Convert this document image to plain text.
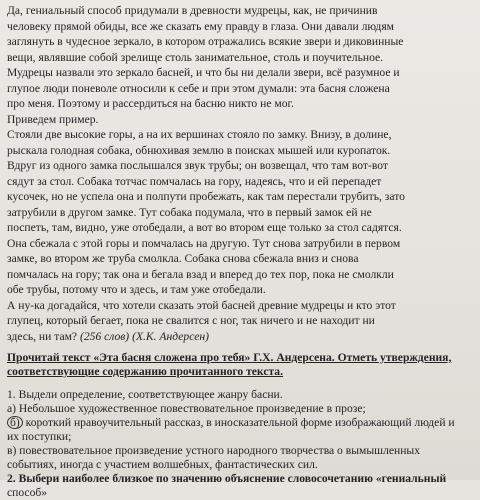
Да, гениальный способ придумали в древности мудрецы, как, не причинив
человеку прямой обиды, все же сказать ему правду в глаза. Они давали людям
заглянуть в чудесное зеркало, в котором отражались всякие звери и диковинные
вещи, являвшие собой зрелище столь занимательное, столь и поучительное.
Мудрецы назвали это зеркало басней, и что бы ни делали звери, всё разумное и
глупое люди поневоле относили к себе и при этом думали: эта басня сложена
про меня. Поэтому и рассердиться на басню никто не мог.
Приведем пример.
Стояли две высокие горы, а на их вершинах стояло по замку. Внизу, в долине,
рыскала голодная собака, обнюхивая землю в поисках мышей или куропаток.
Вдруг из одного замка послышался звук трубы; он возвещал, что там вот-вот
сядут за стол. Собака тотчас помчалась на гору, надеясь, что и ей перепадет
кусочек, но не успела она и полпути пробежать, как там перестали трубить, зато
затрубили в другом замке. Тут собака подумала, что в первый замок ей не
поспеть, там, видно, уже отобедали, а вот во втором еще только за стол садятся.
Она сбежала с этой горы и помчалась на другую. Тут снова затрубили в первом
замке, во втором же труба смолкла. Собака снова сбежала вниз и снова
помчалась на гору; так она и бегала взад и вперед до тех пор, пока не смолкли
обе трубы, потому что и здесь, и там уже отобедали.
А ну-ка догадайся, что хотели сказать этой басней древние мудрецы и кто этот
глупец, который бегает, пока не свалится с ног, так ничего и не находит ни
здесь, ни там? (256 слов) (Х.К. Андерсен)
Прочитай текст «Эта басня сложена про тебя» Г.Х. Андерсена. Отметь утверждения,
соответствующие содержанию прочитанного текста.
1. Выдели определение, соответствующее жанру басни.
а) Небольшое художественное повествовательное произведение в прозе;
б) короткий нравоучительный рассказ, в иносказательной форме изображающий людей и
их поступки;
в) повествовательное произведение устного народного творчества о вымышленных
событиях, иногда с участием волшебных, фантастических сил.
2. Выбери наиболее близкое по значению объяснение словосочетанию «гениальный
способ»
